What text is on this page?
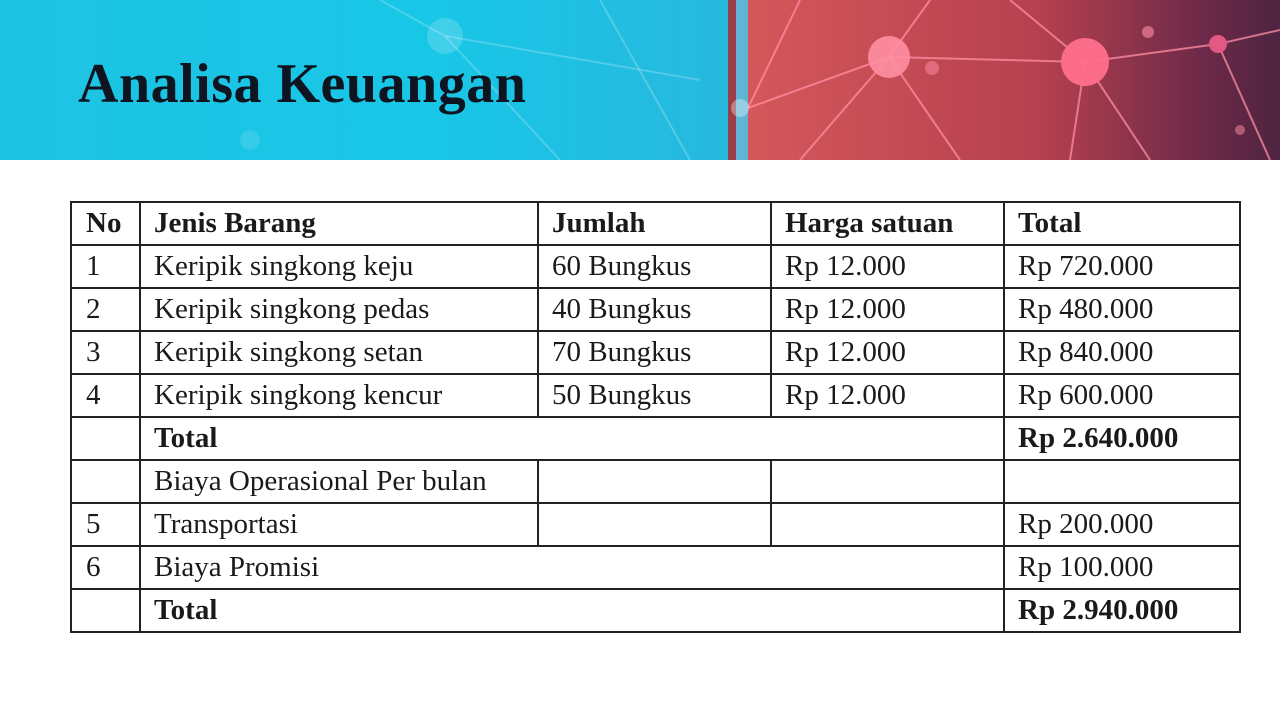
Analisa Keuangan
No	Jenis Barang	Jumlah	Harga satuan	Total
1	Keripik singkong keju	60 Bungkus	Rp 12.000	Rp 720.000
2	Keripik singkong pedas	40 Bungkus	Rp 12.000	Rp 480.000
3	Keripik singkong setan	70 Bungkus	Rp 12.000	Rp 840.000
4	Keripik singkong kencur	50 Bungkus	Rp 12.000	Rp 600.000
	Total			Rp 2.640.000
	Biaya Operasional Per bulan			
5	Transportasi			Rp 200.000
6	Biaya Promisi			Rp 100.000
	Total			Rp 2.940.000
